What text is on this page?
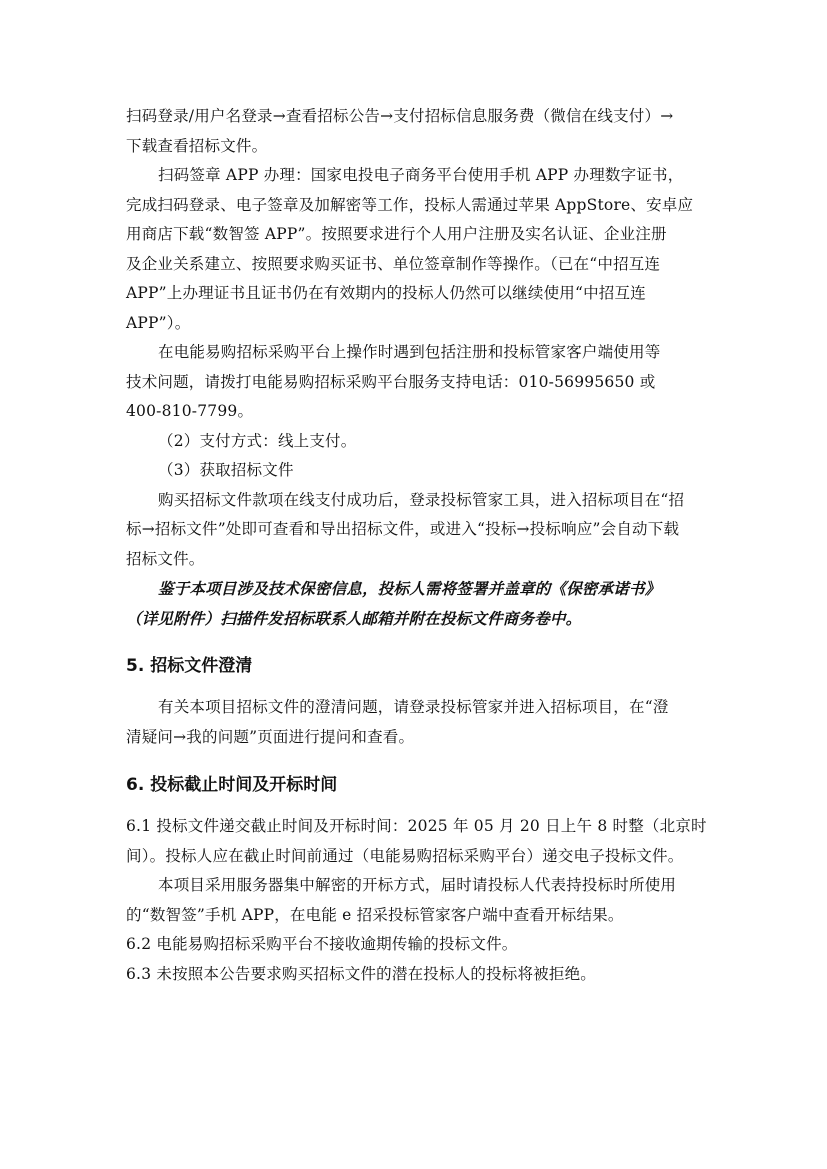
扫码登录/用户名登录→查看招标公告→支付招标信息服务费（微信在线支付）→
下载查看招标文件。
扫码签章 APP 办理：国家电投电子商务平台使用手机 APP 办理数字证书，
完成扫码登录、电子签章及加解密等工作，投标人需通过苹果 AppStore、安卓应
用商店下载“数智签 APP”。按照要求进行个人用户注册及实名认证、企业注册
及企业关系建立、按照要求购买证书、单位签章制作等操作。（已在“中招互连
APP”上办理证书且证书仍在有效期内的投标人仍然可以继续使用“中招互连
APP”）。
在电能易购招标采购平台上操作时遇到包括注册和投标管家客户端使用等
技术问题，请拨打电能易购招标采购平台服务支持电话：010-56995650 或
400-810-7799。
（2）支付方式：线上支付。
（3）获取招标文件
购买招标文件款项在线支付成功后，登录投标管家工具，进入招标项目在“招
标→招标文件”处即可查看和导出招标文件，或进入“投标→投标响应”会自动下载
招标文件。
鉴于本项目涉及技术保密信息，投标人需将签署并盖章的《保密承诺书》
（详见附件）扫描件发招标联系人邮箱并附在投标文件商务卷中。
5. 招标文件澄清
有关本项目招标文件的澄清问题，请登录投标管家并进入招标项目，在“澄
清疑问→我的问题”页面进行提问和查看。
6. 投标截止时间及开标时间
6.1 投标文件递交截止时间及开标时间：2025 年 05 月 20 日上午 8 时整（北京时
间）。投标人应在截止时间前通过（电能易购招标采购平台）递交电子投标文件。
本项目采用服务器集中解密的开标方式，届时请投标人代表持投标时所使用
的“数智签”手机 APP，在电能 e 招采投标管家客户端中查看开标结果。
6.2 电能易购招标采购平台不接收逾期传输的投标文件。
6.3 未按照本公告要求购买招标文件的潜在投标人的投标将被拒绝。
